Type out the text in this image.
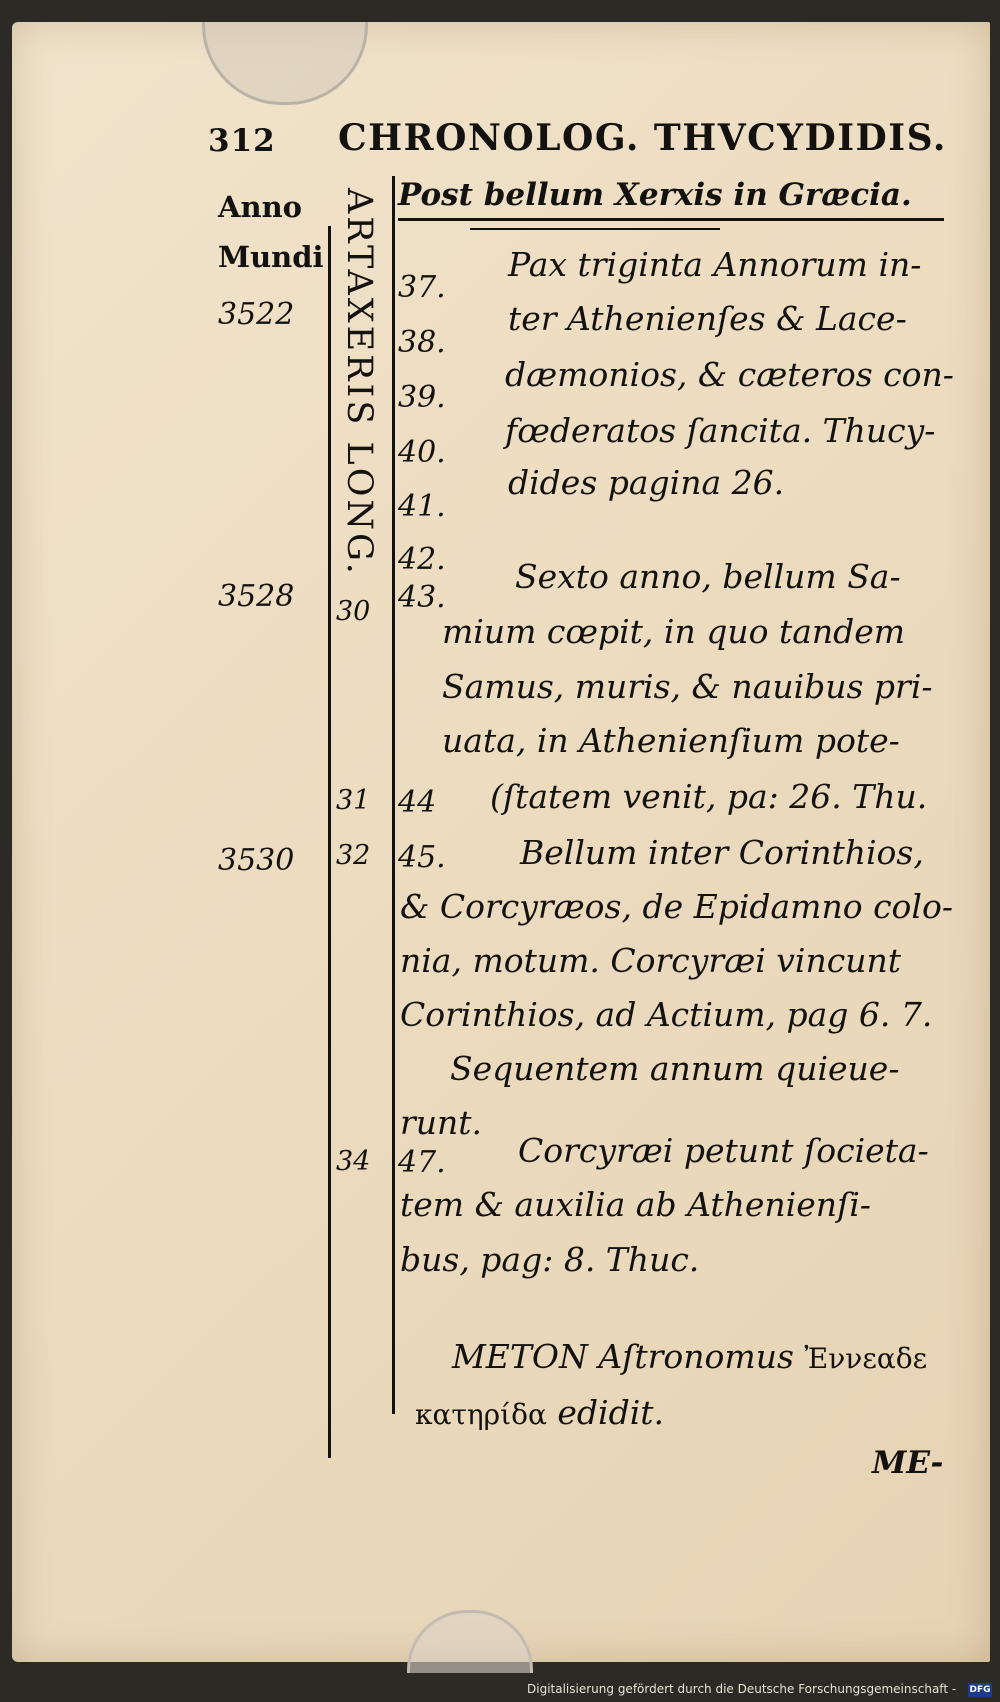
312 CHRONOLOG. THVCYDIDIS.
Anno
Mundi
Post bellum Xerxis in Græcia.
ARTAXERIS LONG.
3522
37.
Pax triginta Annorum in-
38.
ter Athenienſes & Lace-
39.
dæmonios, & cæteros con-
40.
fœderatos ſancita. Thucy-
41.
dides pagina 26.
42.
3528 30 43.
Sexto anno, bellum Sa-
mium cœpit, in quo tandem
Samus, muris, & nauibus pri-
uata, in Athenienſium pote-
31 44 (ſtatem venit, pa: 26. Thu.
3530 32 45. Bellum inter Corinthios,
& Corcyræos, de Epidamno colo-
nia, motum. Corcyræi vincunt
Corinthios, ad Actium, pag 6. 7.
Sequentem annum quieue-
runt.
34 47. Corcyræi petunt ſocieta-
tem & auxilia ab Athenienſi-
bus, pag: 8. Thuc.
METON Aſtronomus Ἐννεαδε
κατηρίδα edidit.
ME-
Digitalisierung gefördert durch die Deutsche Forschungsgemeinschaft -	DFG
